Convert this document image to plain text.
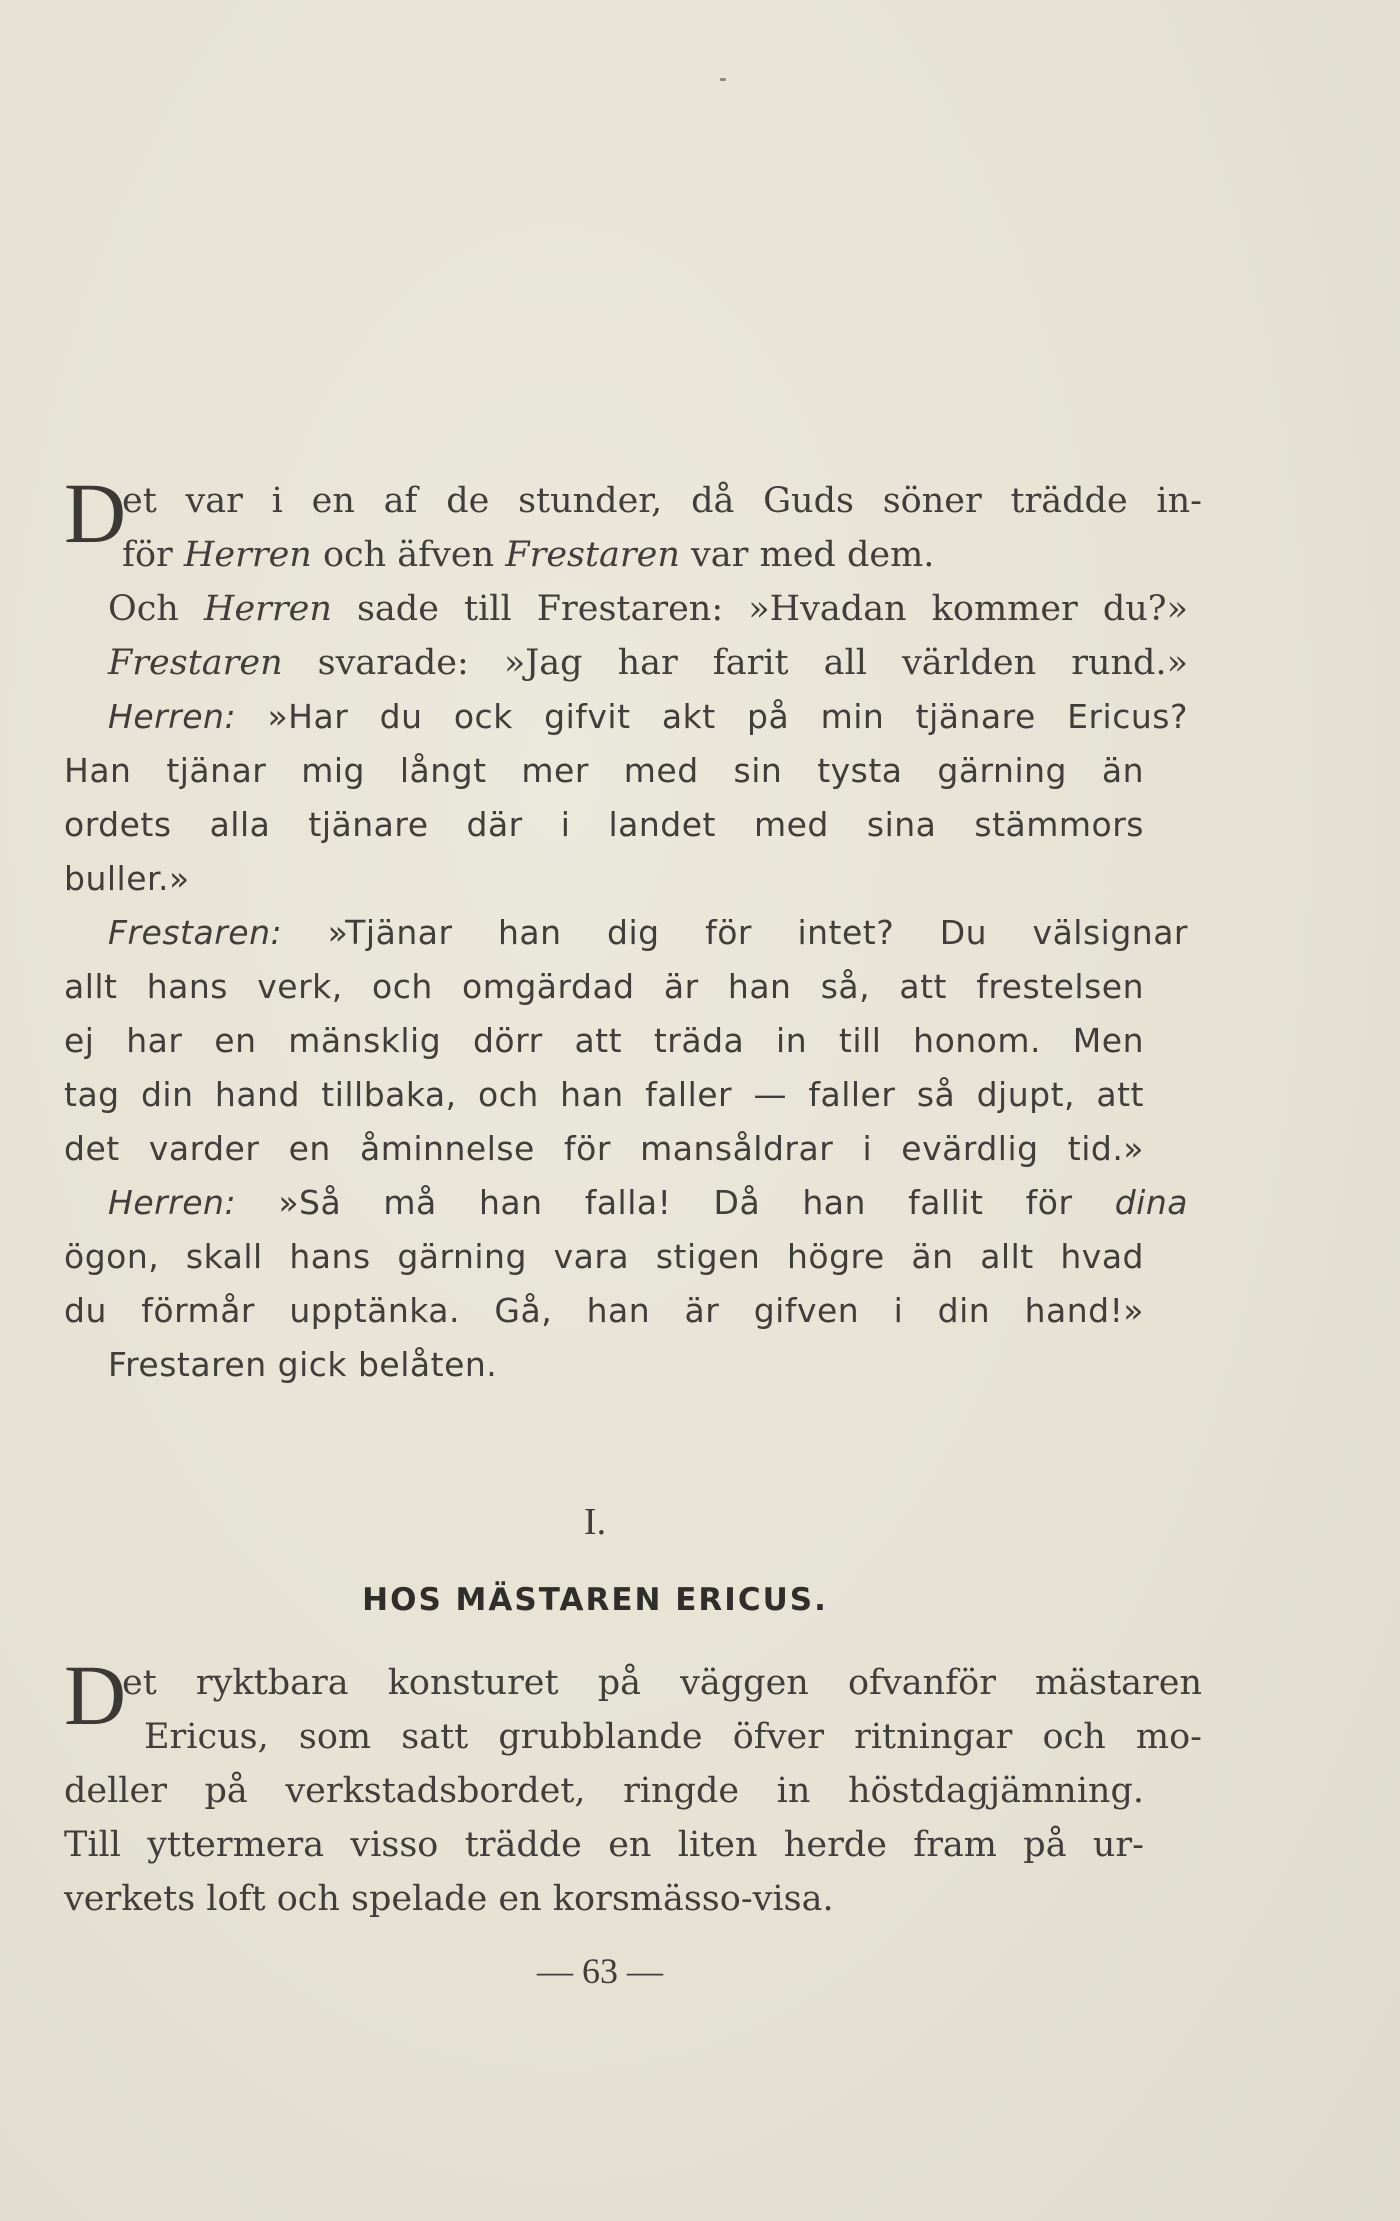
D
et var i en af de stunder, då Guds söner trädde in-
för Herren och äfven Frestaren var med dem.
Och Herren sade till Frestaren: »Hvadan kommer du?»
Frestaren svarade: »Jag har farit all världen rund.»
Herren: »Har du ock gifvit akt på min tjänare Ericus?
Han tjänar mig långt mer med sin tysta gärning än
ordets alla tjänare där i landet med sina stämmors
buller.»
Frestaren: »Tjänar han dig för intet? Du välsignar
allt hans verk, och omgärdad är han så, att frestelsen
ej har en mänsklig dörr att träda in till honom. Men
tag din hand tillbaka, och han faller — faller så djupt, att
det varder en åminnelse för mansåldrar i evärdlig tid.»
Herren: »Så må han falla! Då han fallit för dina
ögon, skall hans gärning vara stigen högre än allt hvad
du förmår upptänka. Gå, han är gifven i din hand!»
Frestaren gick belåten.
I.
HOS MÄSTAREN ERICUS.
D
et ryktbara konsturet på väggen ofvanför mästaren
Ericus, som satt grubblande öfver ritningar och mo-
deller på verkstadsbordet, ringde in höstdagjämning.
Till yttermera visso trädde en liten herde fram på ur-
verkets loft och spelade en korsmässo-visa.
— 63 —
